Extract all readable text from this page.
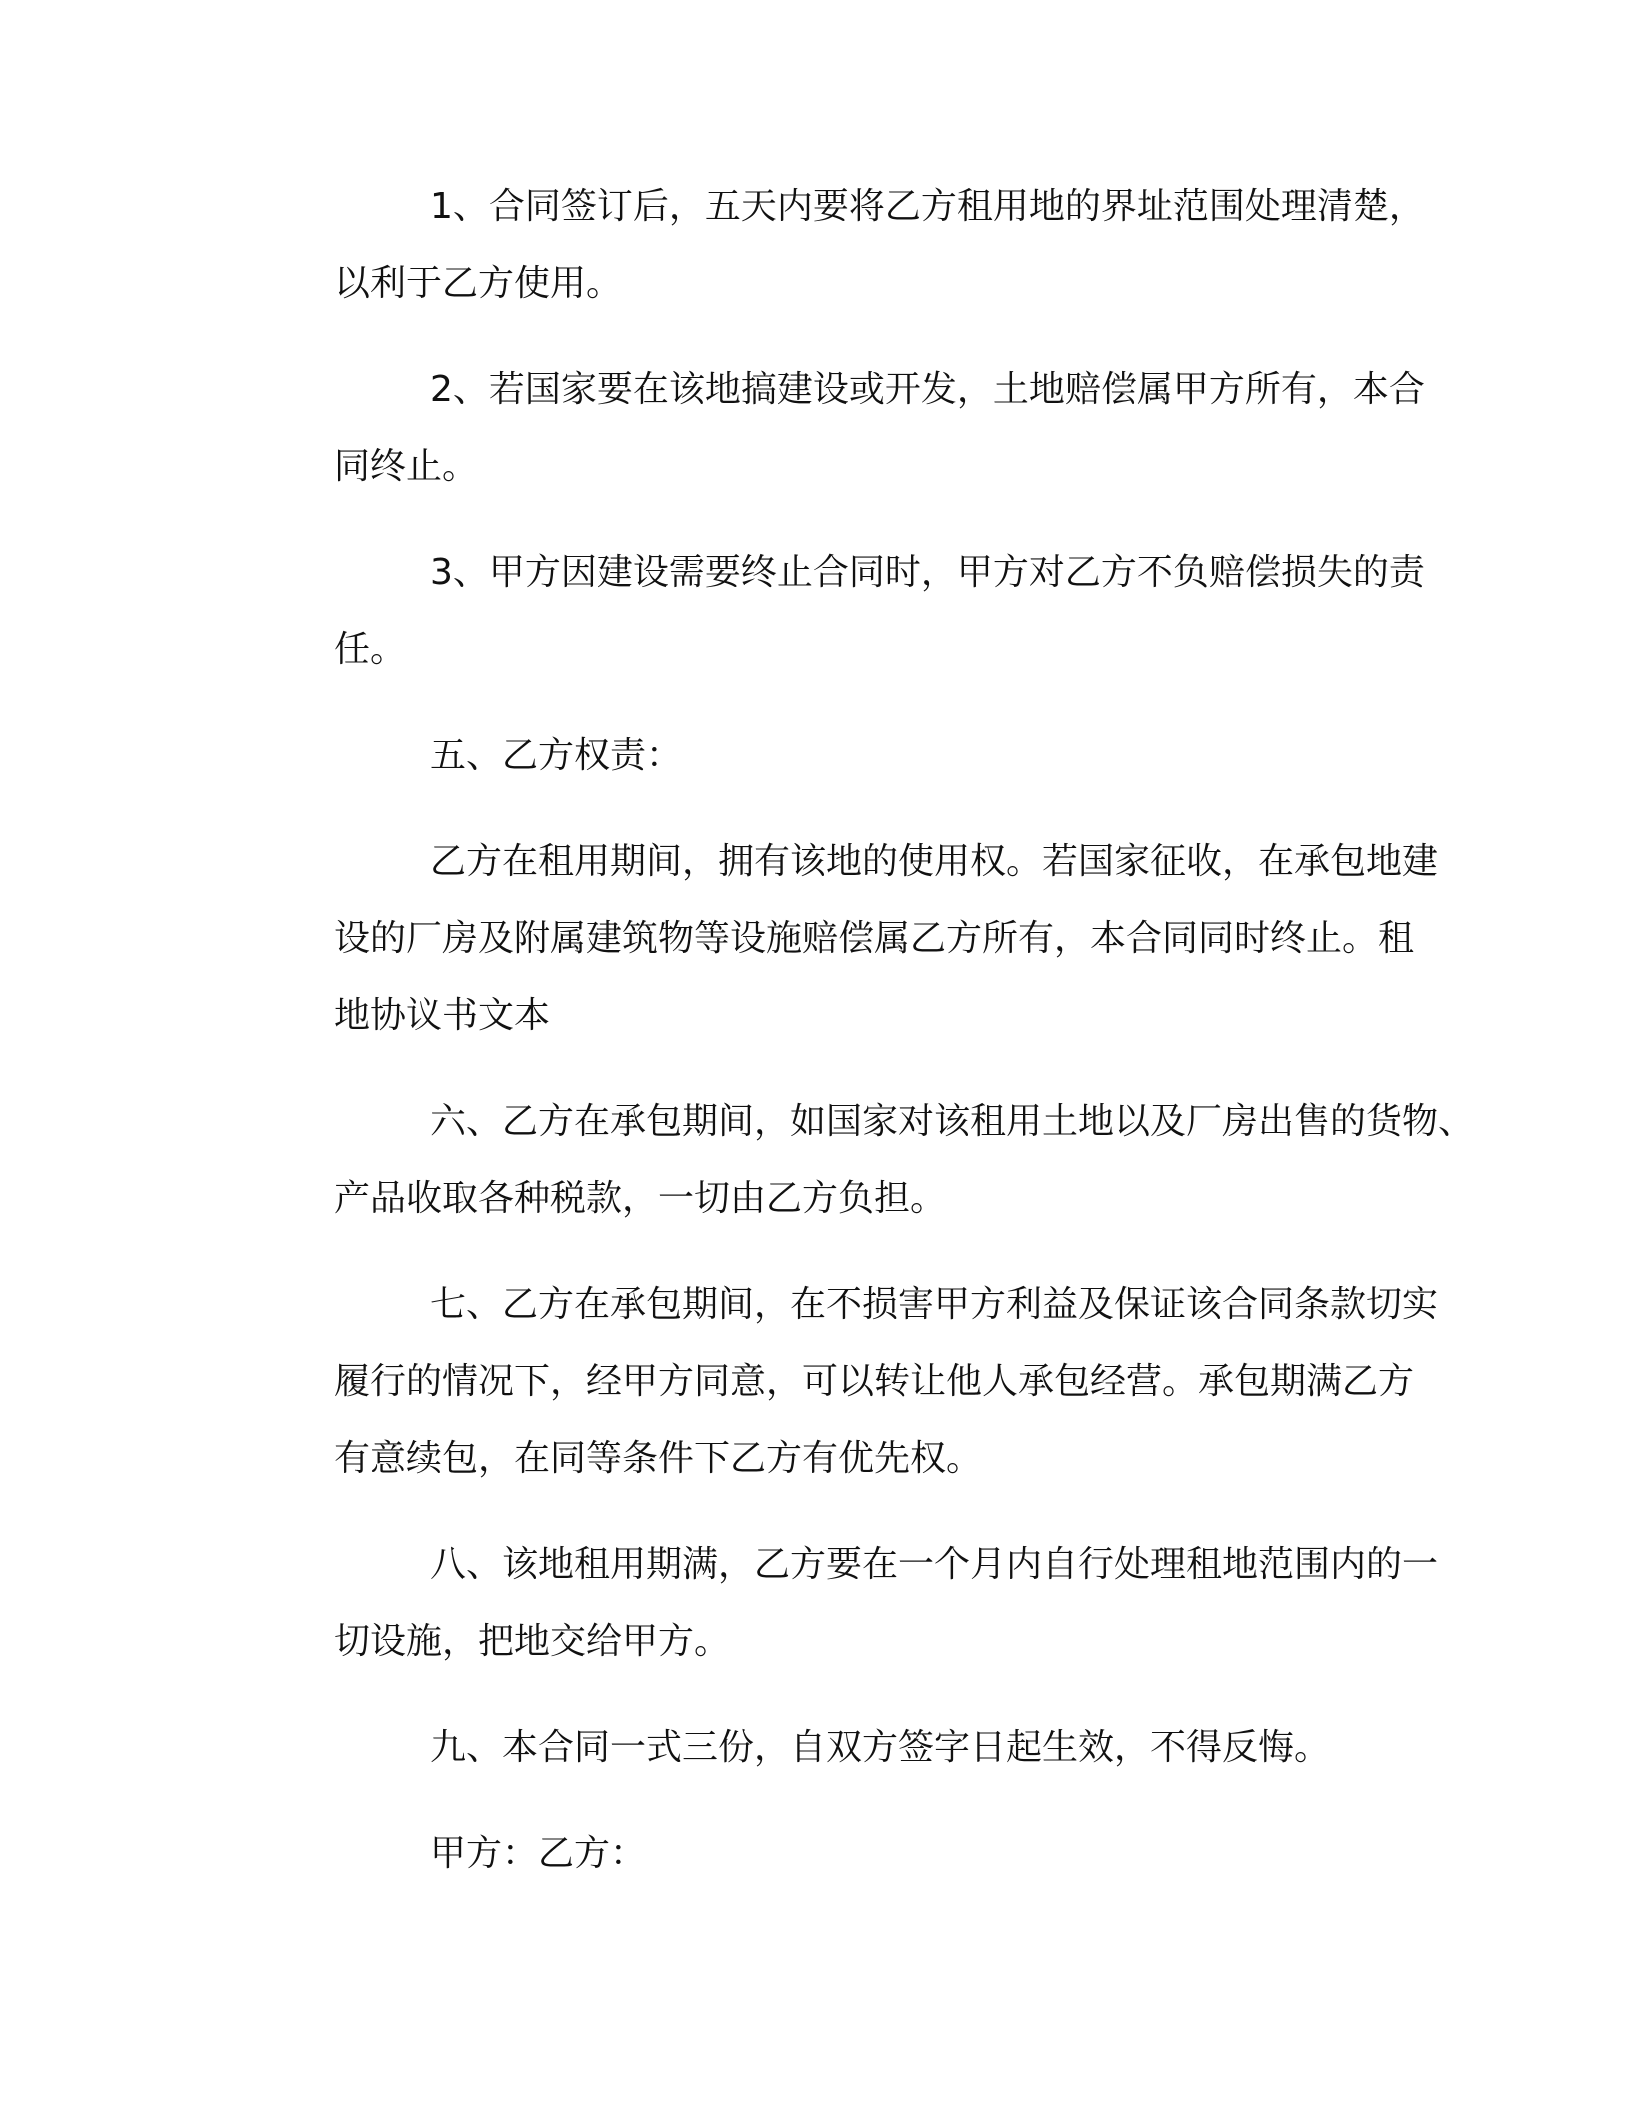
1、合同签订后，五天内要将乙方租用地的界址范围处理清楚，
以利于乙方使用。

2、若国家要在该地搞建设或开发，土地赔偿属甲方所有，本合
同终止。

3、甲方因建设需要终止合同时，甲方对乙方不负赔偿损失的责
任。

五、乙方权责：

乙方在租用期间，拥有该地的使用权。若国家征收，在承包地建
设的厂房及附属建筑物等设施赔偿属乙方所有，本合同同时终止。租
地协议书文本

六、乙方在承包期间，如国家对该租用土地以及厂房出售的货物、
产品收取各种税款，一切由乙方负担。

七、乙方在承包期间，在不损害甲方利益及保证该合同条款切实
履行的情况下，经甲方同意，可以转让他人承包经营。承包期满乙方
有意续包，在同等条件下乙方有优先权。

八、该地租用期满，乙方要在一个月内自行处理租地范围内的一
切设施，把地交给甲方。

九、本合同一式三份，自双方签字日起生效，不得反悔。

甲方：乙方：
